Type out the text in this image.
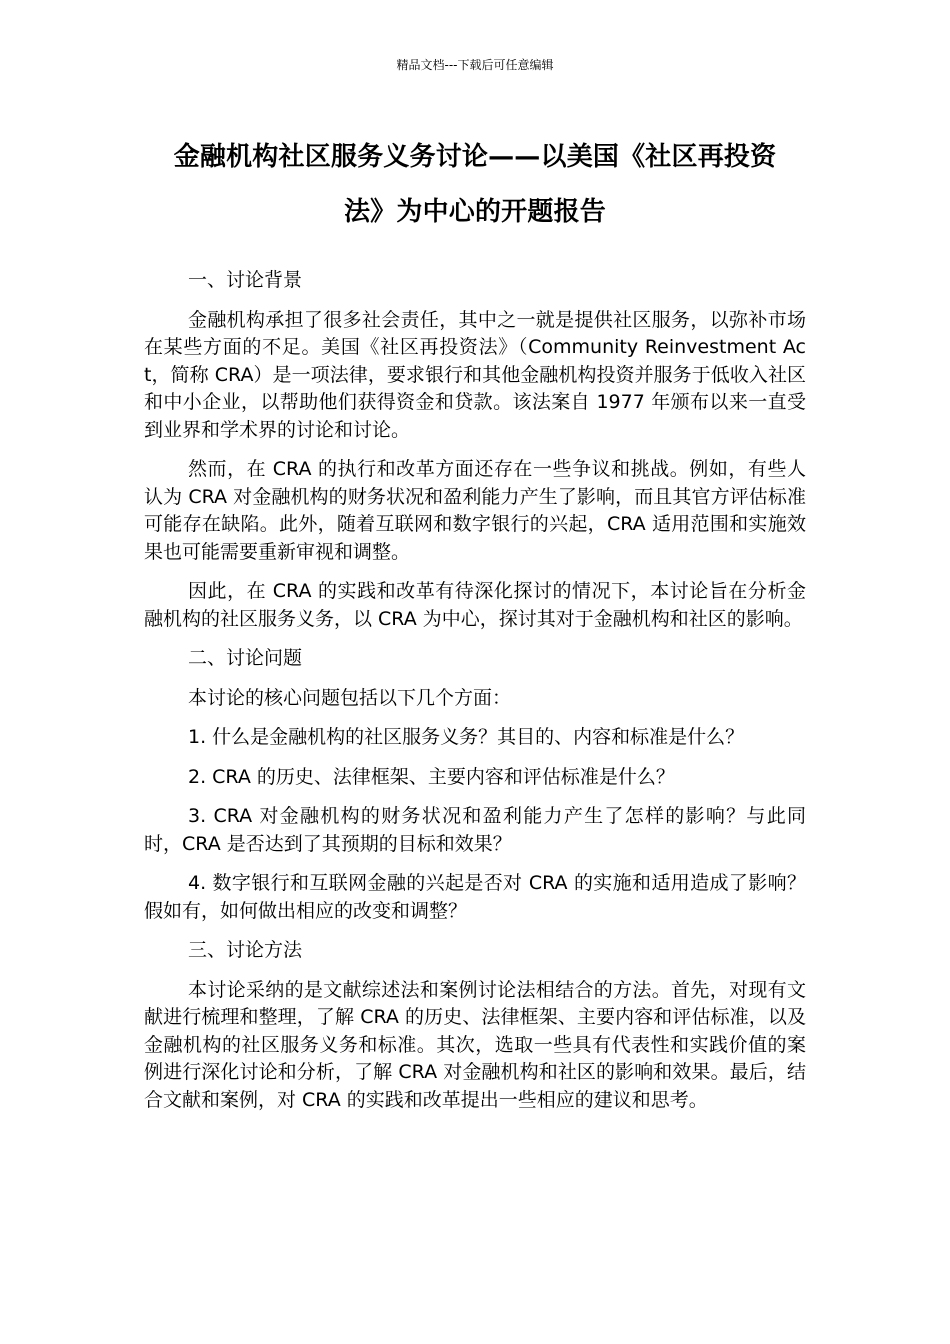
精品文档---下载后可任意编辑
金融机构社区服务义务讨论——以美国《社区再投资
法》为中心的开题报告

一、讨论背景

金融机构承担了很多社会责任，其中之一就是提供社区服务，以弥补市场在某些方面的不足。美国《社区再投资法》（Community Reinvestment Act，简称 CRA）是一项法律，要求银行和其他金融机构投资并服务于低收入社区和中小企业，以帮助他们获得资金和贷款。该法案自 1977 年颁布以来一直受到业界和学术界的讨论和讨论。

然而，在 CRA 的执行和改革方面还存在一些争议和挑战。例如，有些人认为 CRA 对金融机构的财务状况和盈利能力产生了影响，而且其官方评估标准可能存在缺陷。此外，随着互联网和数字银行的兴起，CRA 适用范围和实施效果也可能需要重新审视和调整。

因此，在 CRA 的实践和改革有待深化探讨的情况下，本讨论旨在分析金融机构的社区服务义务，以 CRA 为中心，探讨其对于金融机构和社区的影响。

二、讨论问题

本讨论的核心问题包括以下几个方面：

1. 什么是金融机构的社区服务义务？其目的、内容和标准是什么？

2. CRA 的历史、法律框架、主要内容和评估标准是什么？

3. CRA 对金融机构的财务状况和盈利能力产生了怎样的影响？与此同时，CRA 是否达到了其预期的目标和效果？

4. 数字银行和互联网金融的兴起是否对 CRA 的实施和适用造成了影响？假如有，如何做出相应的改变和调整？

三、讨论方法

本讨论采纳的是文献综述法和案例讨论法相结合的方法。首先，对现有文献进行梳理和整理，了解 CRA 的历史、法律框架、主要内容和评估标准，以及金融机构的社区服务义务和标准。其次，选取一些具有代表性和实践价值的案例进行深化讨论和分析，了解 CRA 对金融机构和社区的影响和效果。最后，结合文献和案例，对 CRA 的实践和改革提出一些相应的建议和思考。
